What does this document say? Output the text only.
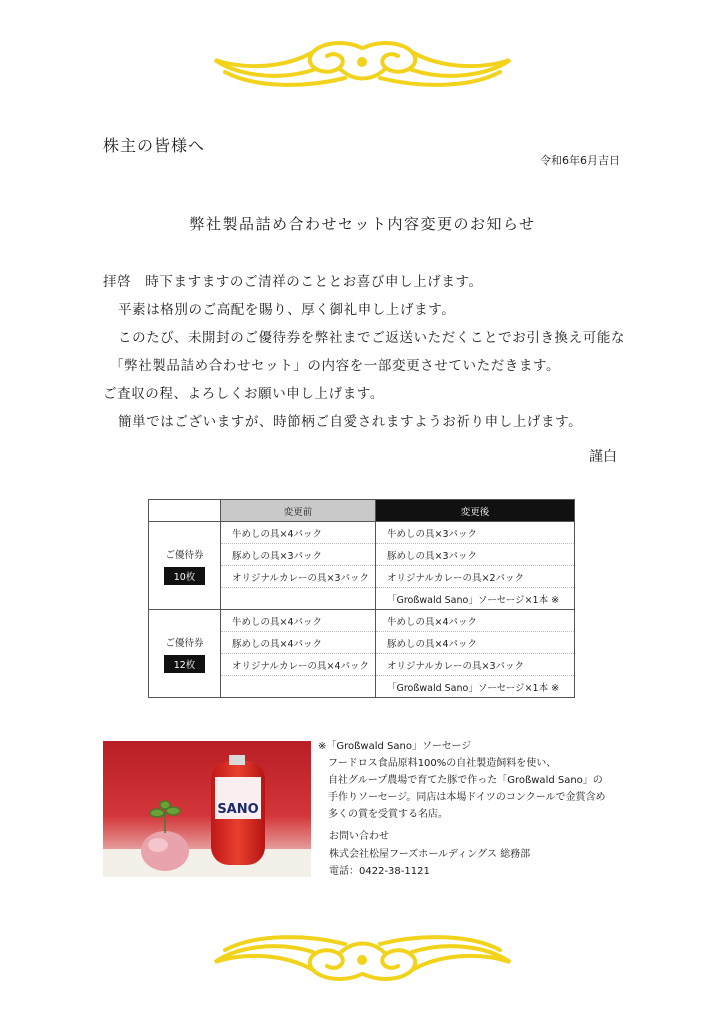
株主の皆様へ
令和6年6月吉日
弊社製品詰め合わせセット内容変更のお知らせ
拝啓　時下ますますのご清祥のこととお喜び申し上げます。
平素は格別のご高配を賜り、厚く御礼申し上げます。
このたび、未開封のご優待券を弊社までご返送いただくことでお引き換え可能な
「弊社製品詰め合わせセット」の内容を一部変更させていただきます。
ご査収の程、よろしくお願い申し上げます。
簡単ではございますが、時節柄ご自愛されますようお祈り申し上げます。
謹白
	変更前	変更後

ご優待券
10枚	牛めしの具×4パック	牛めしの具×3パック
	豚めしの具×3パック	豚めしの具×3パック
	オリジナルカレーの具×3パック	オリジナルカレーの具×2パック
		「Großwald Sano」ソーセージ×1本 ※

ご優待券
12枚	牛めしの具×4パック	牛めしの具×4パック
	豚めしの具×4パック	豚めしの具×4パック
	オリジナルカレーの具×4パック	オリジナルカレーの具×3パック
		「Großwald Sano」ソーセージ×1本 ※
SANO
※「Großwald Sano」ソーセージ
フードロス食品原料100%の自社製造飼料を使い、
自社グループ農場で育てた豚で作った「Großwald Sano」の
手作りソーセージ。同店は本場ドイツのコンクールで金賞含め
多くの賞を受賞する名店。
お問い合わせ
株式会社松屋フーズホールディングス 総務部
電話：0422-38-1121
